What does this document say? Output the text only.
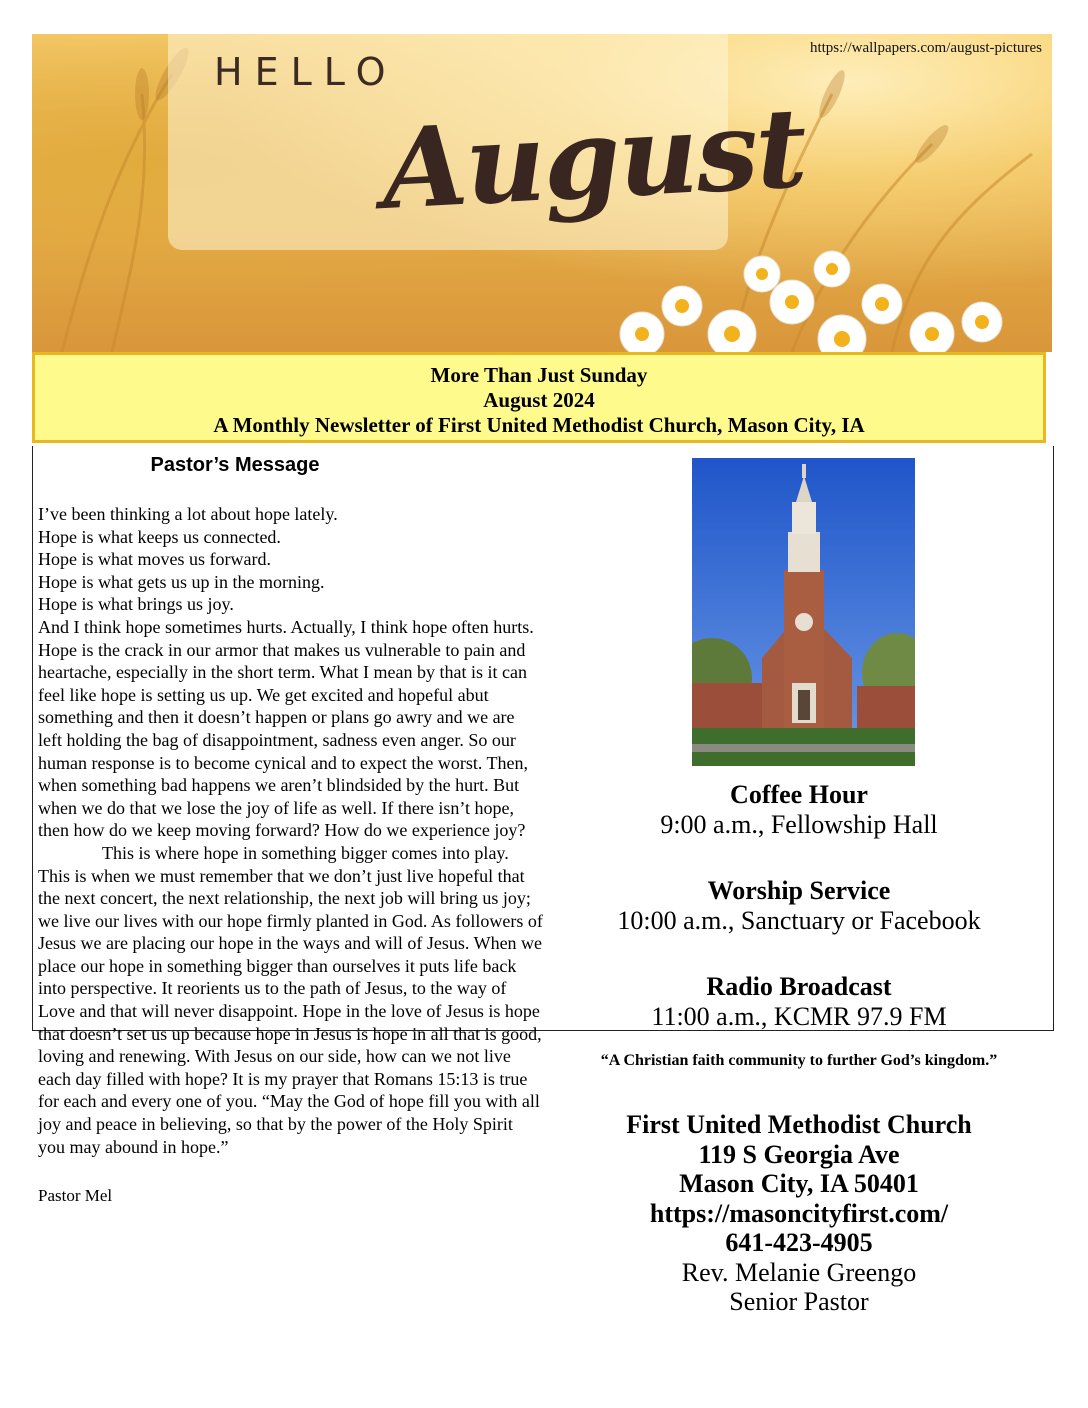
HELLO
August
https://wallpapers.com/august-pictures
More Than Just Sunday
August 2024
A Monthly Newsletter of First United Methodist Church, Mason City, IA
Pastor’s Message

I’ve been thinking a lot about hope lately.

Hope is what keeps us connected.

Hope is what moves us forward.

Hope is what gets us up in the morning.

Hope is what brings us joy.

And I think hope sometimes hurts. Actually, I think hope often hurts. Hope is the crack in our armor that makes us vulnerable to pain and heartache, especially in the short term. What I mean by that is it can feel like hope is setting us up. We get excited and hopeful abut something and then it doesn’t happen or plans go awry and we are left holding the bag of disappointment, sadness even anger. So our human response is to become cynical and to expect the worst. Then, when something bad happens we aren’t blindsided by the hurt. But when we do that we lose the joy of life as well. If there isn’t hope, then how do we keep moving forward? How do we experience joy?

This is where hope in something bigger comes into play. This is when we must remember that we don’t just live hopeful that the next concert, the next relationship, the next job will bring us joy; we live our lives with our hope firmly planted in God. As followers of Jesus we are placing our hope in the ways and will of Jesus. When we place our hope in something bigger than ourselves it puts life back into perspective. It reorients us to the path of Jesus, to the way of Love and that will never disappoint. Hope in the love of Jesus is hope that doesn’t set us up because hope in Jesus is hope in all that is good, loving and renewing. With Jesus on our side, how can we not live each day filled with hope? It is my prayer that Romans 15:13 is true for each and every one of you. “May the God of hope fill you with all joy and peace in believing, so that by the power of the Holy Spirit you may abound in hope.”

Pastor Mel
Coffee Hour
9:00 a.m., Fellowship Hall
Worship Service
10:00 a.m., Sanctuary or Facebook
Radio Broadcast
11:00 a.m., KCMR 97.9 FM
“A Christian faith community to further God’s kingdom.”
First United Methodist Church
119 S Georgia Ave
Mason City, IA 50401
https://masoncityfirst.com/
641-423-4905
Rev. Melanie Greengo
Senior Pastor
